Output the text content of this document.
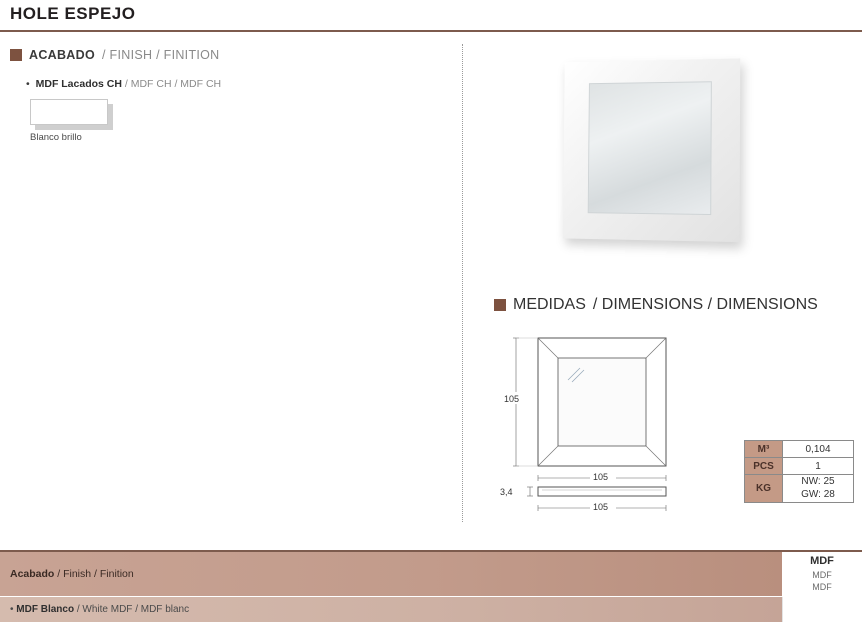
HOLE ESPEJO
ACABADO / FINISH / FINITION
• MDF Lacados CH / MDF CH / MDF CH
Blanco brillo
MEDIDAS / DIMENSIONS / DIMENSIONS
105
105
3,4
105
M³	0,104
PCS	1
KG	NW: 25
GW: 28
Acabado / Finish / Finition	MDF
MDF
MDF

• MDF Blanco / White MDF / MDF blanc	
